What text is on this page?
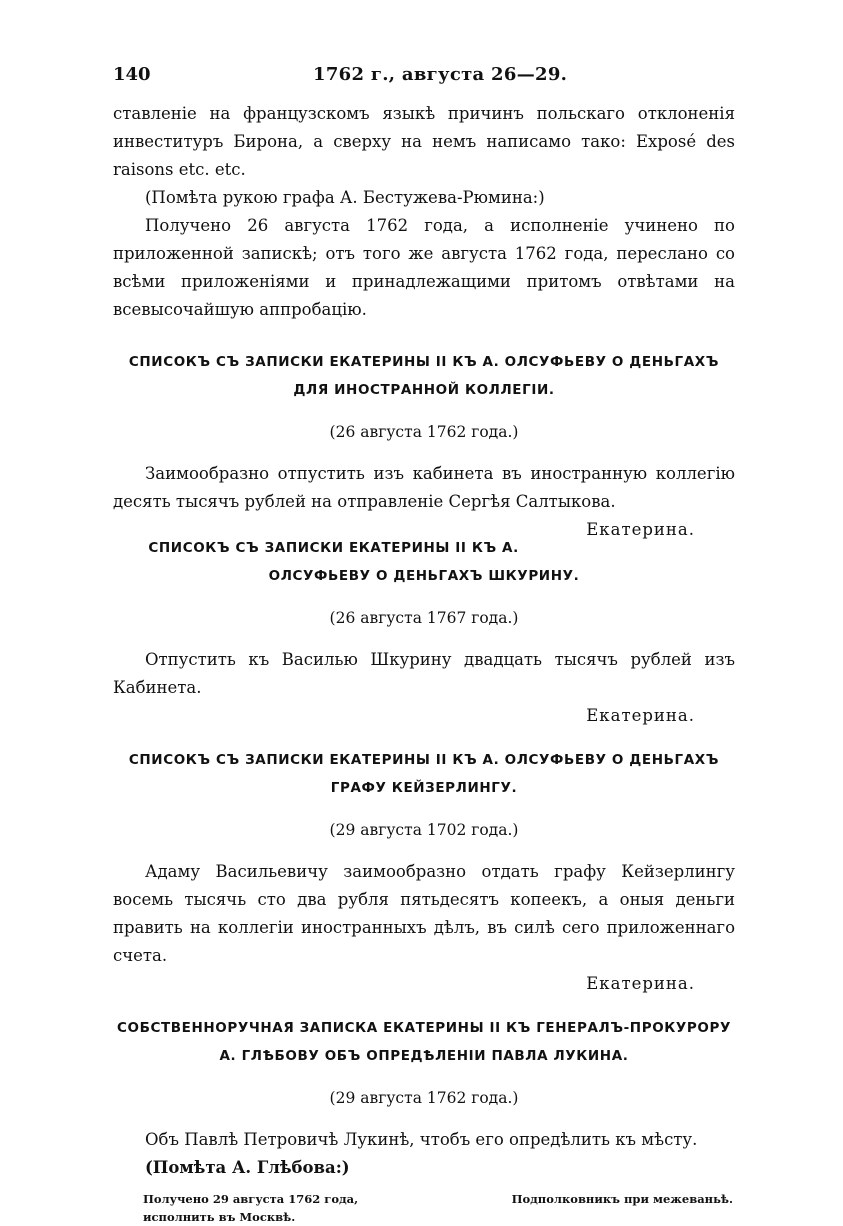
140	1762 г., августа 26—29.

ставленіе на французскомъ языкѣ причинъ польскаго отклоненія инвеституръ Бирона, а сверху на немъ написамо тако: Exposé des raisons etc. etc.

(Помѣта рукою графа А. Бестужева-Рюмина:)

Получено 26 августа 1762 года, а исполненіе учинено по приложенной запискѣ; отъ того же августа 1762 года, переслано со всѣми приложеніями и принадлежащими притомъ отвѣтами на всевысочайшую аппробацію.

СПИСОКЪ СЪ ЗАПИСКИ ЕКАТЕРИНЫ II КЪ А. ОЛСУФЬЕВУ О ДЕНЬГАХЪ ДЛЯ ИНОСТРАННОЙ КОЛЛЕГІИ.
(26 августа 1762 года.)

Заимообразно отпустить изъ кабинета въ иностранную коллегію десять тысячъ рублей на отправленіе Сергѣя Салтыкова.
Екатерина.

СПИСОКЪ СЪ ЗАПИСКИ ЕКАТЕРИНЫ II КЪ А. ОЛСУФЬЕВУ О ДЕНЬГАХЪ ШКУРИНУ.
(26 августа 1767 года.)

Отпустить къ Василью Шкурину двадцать тысячъ рублей изъ Кабинета.

Екатерина.
СПИСОКЪ СЪ ЗАПИСКИ ЕКАТЕРИНЫ II КЪ А. ОЛСУФЬЕВУ О ДЕНЬГАХЪ ГРАФУ КЕЙЗЕРЛИНГУ.
(29 августа 1702 года.)

Адаму Васильевичу заимообразно отдать графу Кейзерлингу восемь тысячь сто два рубля пятьдесятъ копеекъ, а оныя деньги править на коллегіи иностранныхъ дѣлъ, въ силѣ сего приложеннаго счета.

Екатерина.
СОБСТВЕННОРУЧНАЯ ЗАПИСКА ЕКАТЕРИНЫ II КЪ ГЕНЕРАЛЪ-ПРОКУРОРУ А. ГЛѢБОВУ ОБЪ ОПРЕДѢЛЕНІИ ПАВЛА ЛУКИНА.
(29 августа 1762 года.)

Объ Павлѣ Петровичѣ Лукинѣ, чтобъ его опредѣлить къ мѣсту.

(Помѣта А. Глѣбова:)

Получено 29 августа 1762 года, исполнить въ Москвѣ.
Подполковникъ при межеваньѣ.
